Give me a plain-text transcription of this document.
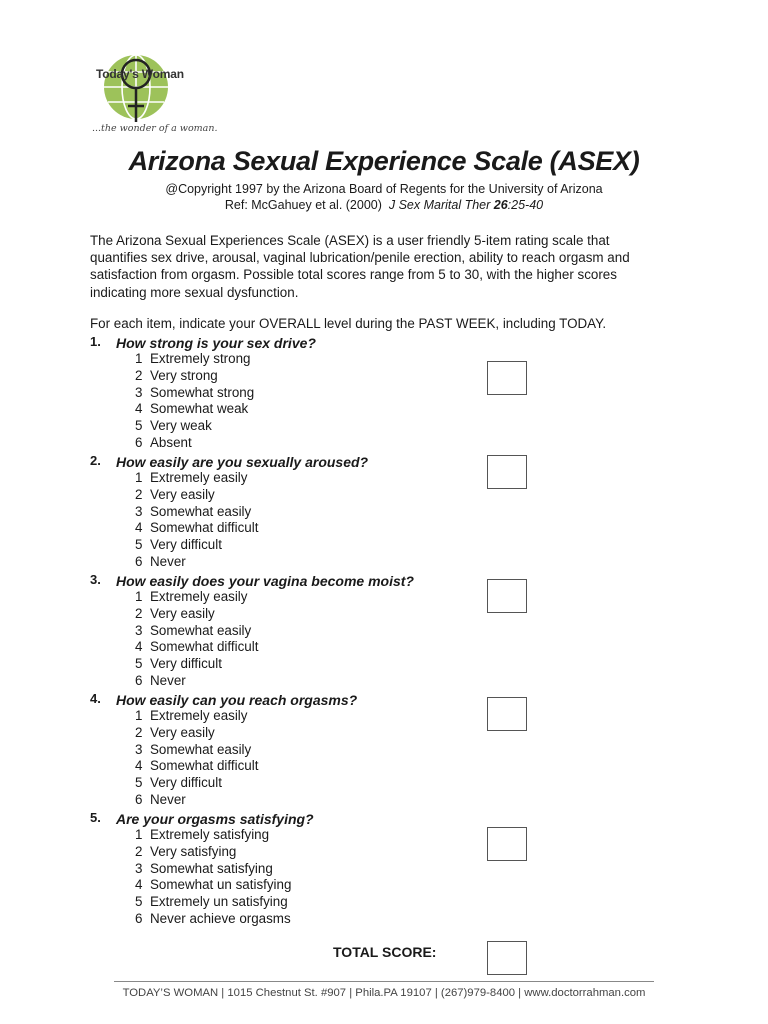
Today's Woman
...the wonder of a woman.
Arizona Sexual Experience Scale (ASEX)
@Copyright 1997 by the Arizona Board of Regents for the University of Arizona
Ref: McGahuey et al. (2000) J Sex Marital Ther 26:25-40
The Arizona Sexual Experiences Scale (ASEX) is a user friendly 5-item rating scale that quantifies sex drive, arousal, vaginal lubrication/penile erection, ability to reach orgasm and satisfaction from orgasm. Possible total scores range from 5 to 30, with the higher scores indicating more sexual dysfunction.
For each item, indicate your OVERALL level during the PAST WEEK, including TODAY.
1. How strong is your sex drive?
1 Extremely strong
2 Very strong
3 Somewhat strong
4 Somewhat weak
5 Very weak
6 Absent
2. How easily are you sexually aroused?
1 Extremely easily
2 Very easily
3 Somewhat easily
4 Somewhat difficult
5 Very difficult
6 Never
3. How easily does your vagina become moist?
1 Extremely easily
2 Very easily
3 Somewhat easily
4 Somewhat difficult
5 Very difficult
6 Never
4. How easily can you reach orgasms?
1 Extremely easily
2 Very easily
3 Somewhat easily
4 Somewhat difficult
5 Very difficult
6 Never
5. Are your orgasms satisfying?
1 Extremely satisfying
2 Very satisfying
3 Somewhat satisfying
4 Somewhat un satisfying
5 Extremely un satisfying
6 Never achieve orgasms
TOTAL SCORE:
TODAY’S WOMAN | 1015 Chestnut St. #907 | Phila.PA 19107 | (267)979-8400 | www.doctorrahman.com
